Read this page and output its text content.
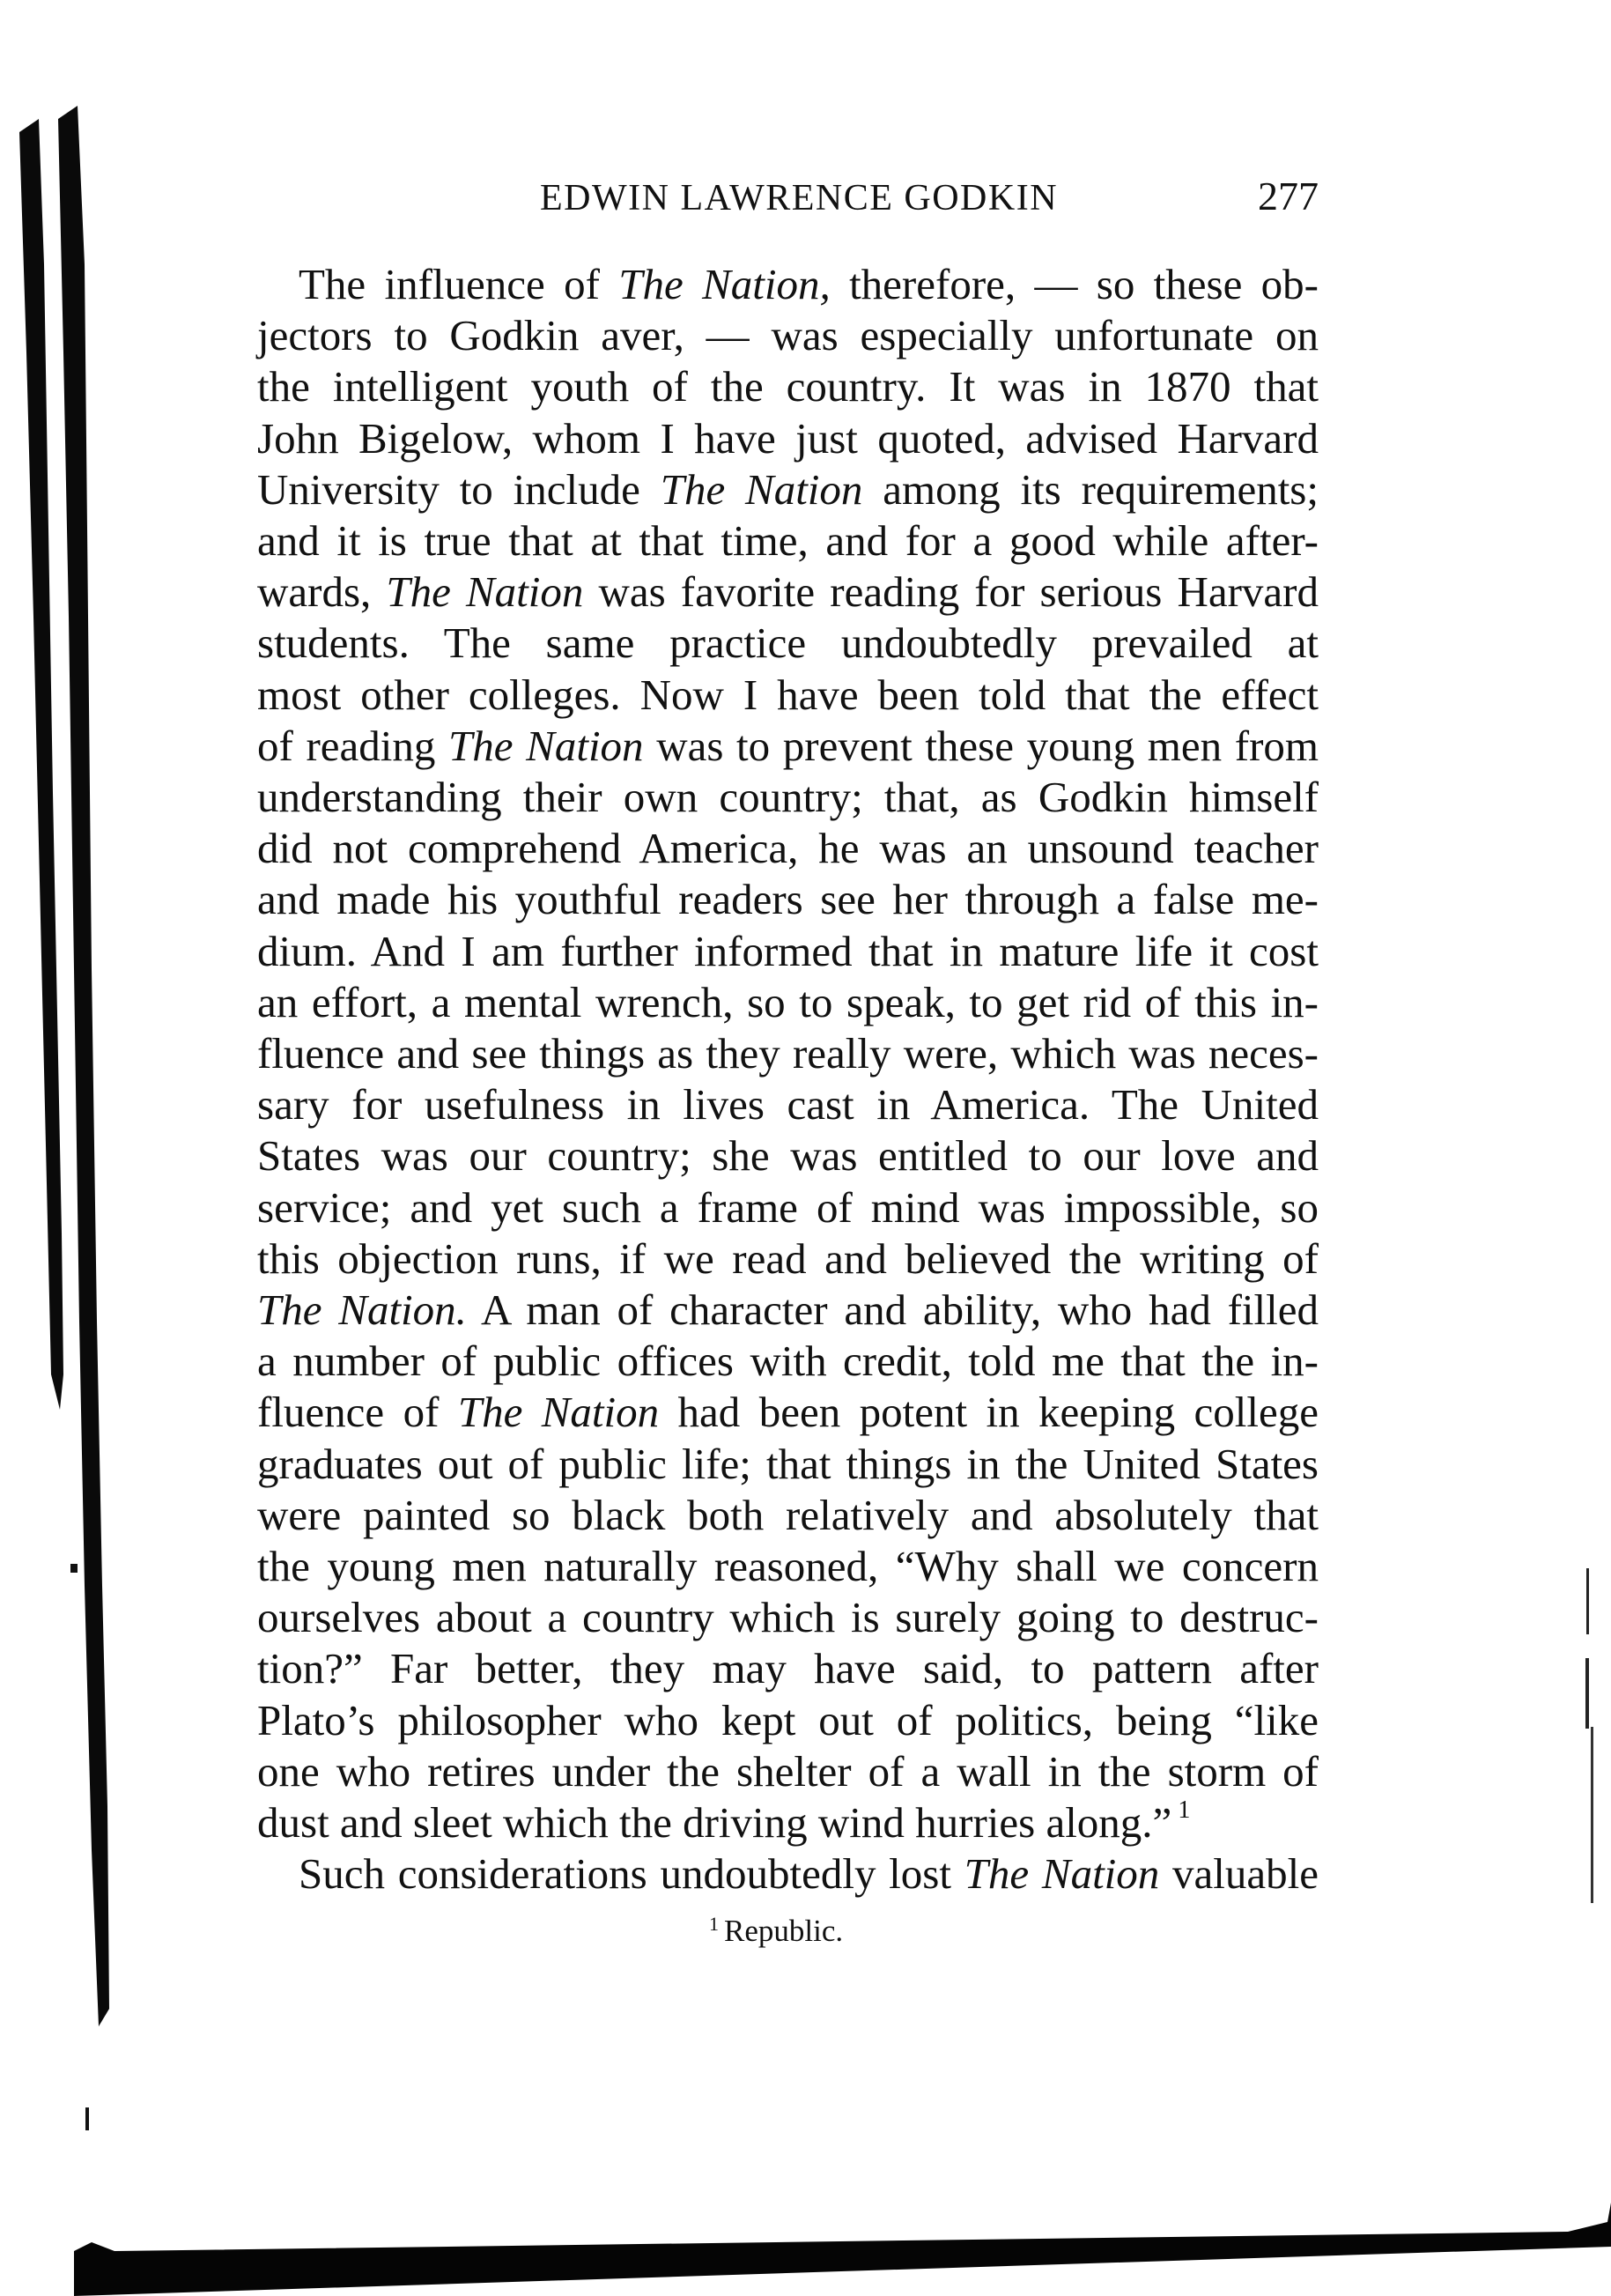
EDWIN LAWRENCE GODKIN	277
The influence of The Nation, therefore, — so these ob-
jectors to Godkin aver, — was especially unfortunate on
the intelligent youth of the country. It was in 1870 that
John Bigelow, whom I have just quoted, advised Harvard
University to include The Nation among its requirements;
and it is true that at that time, and for a good while after-
wards, The Nation was favorite reading for serious Harvard
students. The same practice undoubtedly prevailed at
most other colleges. Now I have been told that the effect
of reading The Nation was to prevent these young men from
understanding their own country; that, as Godkin himself
did not comprehend America, he was an unsound teacher
and made his youthful readers see her through a false me-
dium. And I am further informed that in mature life it cost
an effort, a mental wrench, so to speak, to get rid of this in-
fluence and see things as they really were, which was neces-
sary for usefulness in lives cast in America. The United
States was our country; she was entitled to our love and
service; and yet such a frame of mind was impossible, so
this objection runs, if we read and believed the writing of
The Nation. A man of character and ability, who had filled
a number of public offices with credit, told me that the in-
fluence of The Nation had been potent in keeping college
graduates out of public life; that things in the United States
were painted so black both relatively and absolutely that
the young men naturally reasoned, “Why shall we concern
ourselves about a country which is surely going to destruc-
tion?” Far better, they may have said, to pattern after
Plato’s philosopher who kept out of politics, being “like
one who retires under the shelter of a wall in the storm of
dust and sleet which the driving wind hurries along.” $^1$
Such considerations undoubtedly lost The Nation valuable
$^1$ Republic.
